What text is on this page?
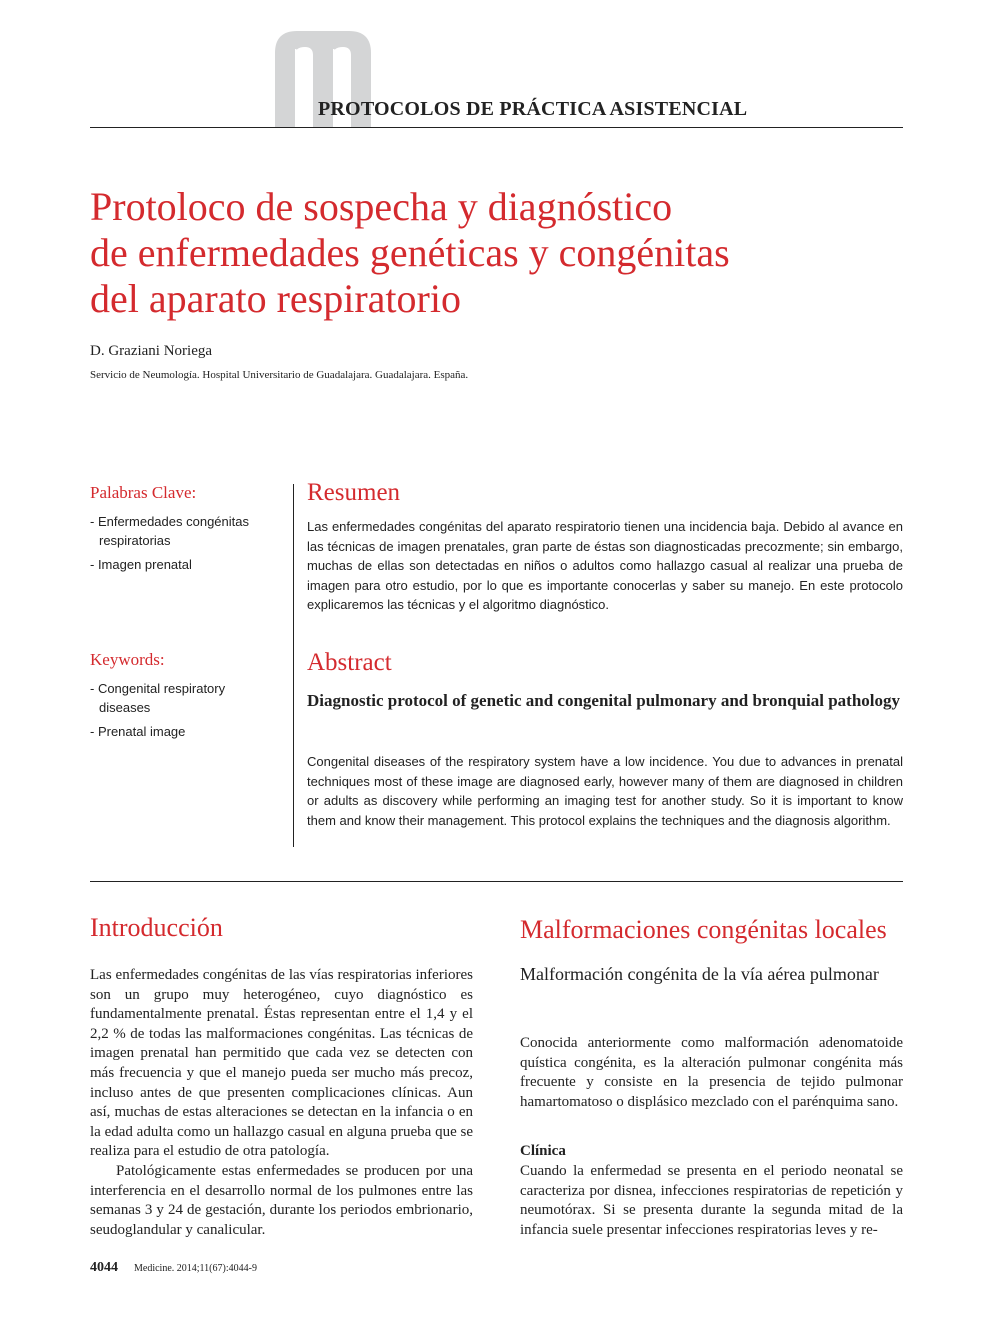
PROTOCOLOS DE PRÁCTICA ASISTENCIAL
Protoloco de sospecha y diagnóstico
de enfermedades genéticas y congénitas
del aparato respiratorio
D. Graziani Noriega
Servicio de Neumología. Hospital Universitario de Guadalajara. Guadalajara. España.
Palabras Clave:
- Enfermedades congénitas respiratorias
- Imagen prenatal
Keywords:
- Congenital respiratory diseases
- Prenatal image
Resumen

Las enfermedades congénitas del aparato respiratorio tienen una incidencia baja. Debido al avance en las técnicas de imagen prenatales, gran parte de éstas son diagnosticadas precozmente; sin embargo, muchas de ellas son detectadas en niños o adultos como hallazgo casual al realizar una prueba de imagen para otro estudio, por lo que es importante conocerlas y saber su manejo. En este protocolo explicaremos las técnicas y el algoritmo diagnóstico.

Abstract

Diagnostic protocol of genetic and congenital pulmonary and bronquial pathology

Congenital diseases of the respiratory system have a low incidence. You due to advances in prenatal techniques most of these image are diagnosed early, however many of them are diagnosed in children or adults as discovery while performing an imaging test for another study. So it is important to know them and know their management. This protocol explains the techniques and the diagnosis algorithm.

Introducción

Las enfermedades congénitas de las vías respiratorias inferiores son un grupo muy heterogéneo, cuyo diagnóstico es fundamentalmente prenatal. Éstas representan entre el 1,4 y el 2,2 % de todas las malformaciones congénitas. Las técnicas de imagen prenatal han permitido que cada vez se detecten con más frecuencia y que el manejo pueda ser mucho más precoz, incluso antes de que presenten complicaciones clínicas. Aun así, muchas de estas alteraciones se detectan en la infancia o en la edad adulta como un hallazgo casual en alguna prueba que se realiza para el estudio de otra patología.

Patológicamente estas enfermedades se producen por una interferencia en el desarrollo normal de los pulmones entre las semanas 3 y 24 de gestación, durante los periodos embrionario, seudoglandular y canalicular.

Malformaciones congénitas locales
Malformación congénita de la vía aérea pulmonar

Conocida anteriormente como malformación adenomatoide quística congénita, es la alteración pulmonar congénita más frecuente y consiste en la presencia de tejido pulmonar hamartomatoso o displásico mezclado con el parénquima sano.

Clínica

Cuando la enfermedad se presenta en el periodo neonatal se caracteriza por disnea, infecciones respiratorias de repetición y neumotórax. Si se presenta durante la segunda mitad de la infancia suele presentar infecciones respiratorias leves y re-

4044 Medicine. 2014;11(67):4044-9
